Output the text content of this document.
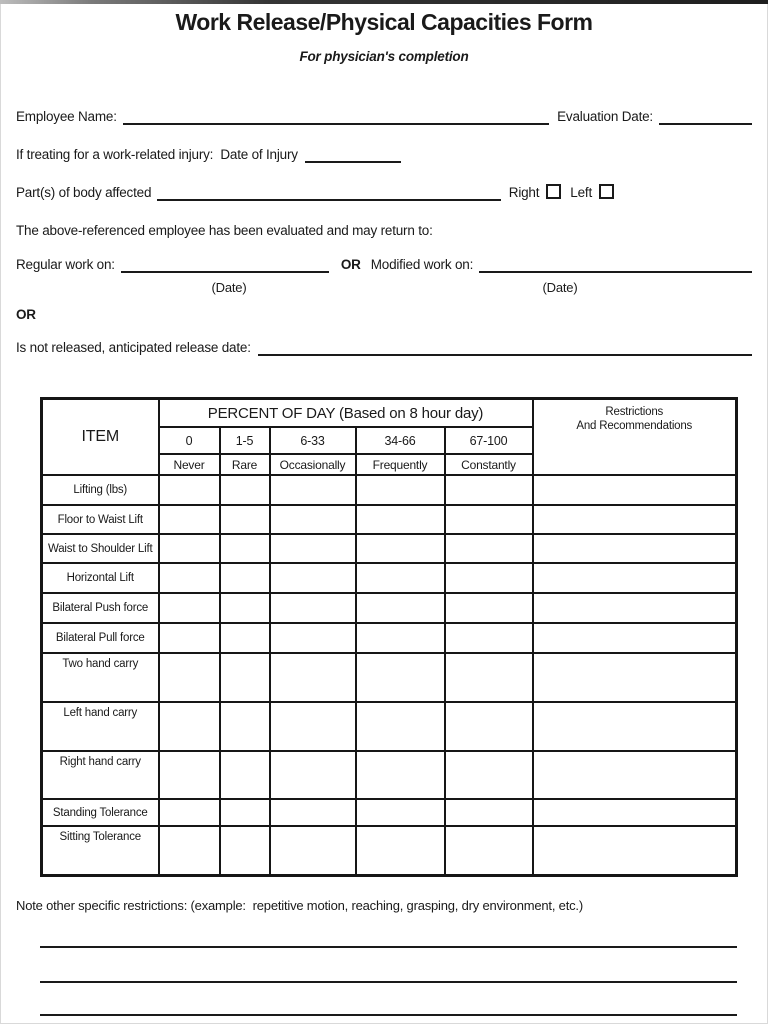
Work Release/Physical Capacities Form
For physician's completion
Employee Name:	Evaluation Date:
If treating for a work-related injury:  Date of Injury
Part(s) of body affected	Right Left
The above-referenced employee has been evaluated and may return to:
Regular work on:	OR Modified work on:
(Date)	(Date)
OR
Is not released, anticipated release date:
ITEM	PERCENT OF DAY (Based on 8 hour day)					Restrictions
And Recommendations

	0	1-5	6-33	34-66	67-100	
	Never	Rare	Occasionally	Frequently	Constantly	
Lifting (lbs)						
Floor to Waist Lift						
Waist to Shoulder Lift						
Horizontal Lift						
Bilateral Push force						
Bilateral Pull force						
Two hand carry						
Left hand carry						
Right hand carry						
Standing Tolerance						
Sitting Tolerance						
Note other specific restrictions: (example:  repetitive motion, reaching, grasping, dry environment, etc.)
